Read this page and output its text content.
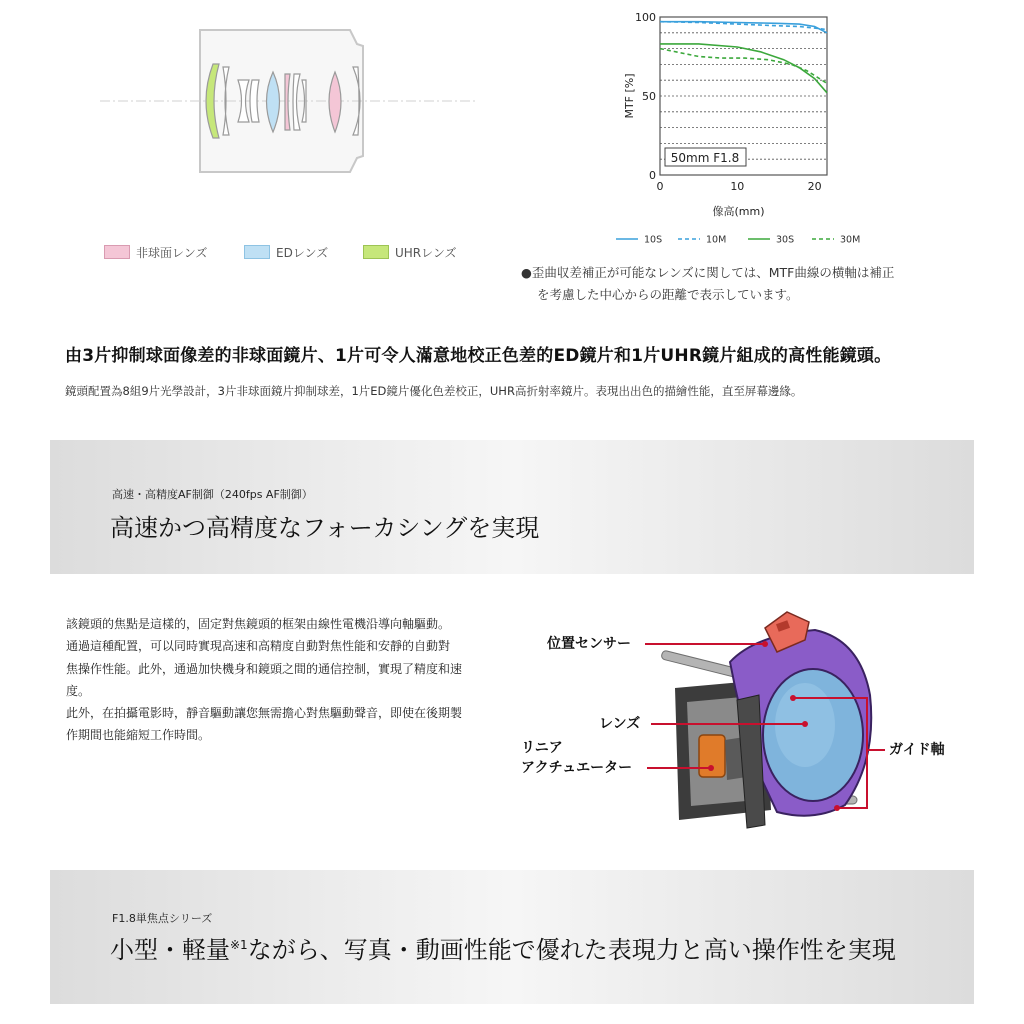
非球面レンズ	EDレンズ	UHRレンズ
0
50
100
0	10	20
MTF [%]
像高(mm)
50mm F1.8
10S	10M	30S	30M
●歪曲収差補正が可能なレンズに関しては、MTF曲線の横軸は補正
を考慮した中心からの距離で表示しています。
由3片抑制球面像差的非球面鏡片、1片可令人滿意地校正色差的ED鏡片和1片UHR鏡片組成的高性能鏡頭。
鏡頭配置為8組9片光學設計，3片非球面鏡片抑制球差，1片ED鏡片優化色差校正，UHR高折射率鏡片。表現出出色的描繪性能，直至屏幕邊緣。
高速・高精度AF制御（240fps AF制御）
高速かつ高精度なフォーカシングを実現
該鏡頭的焦點是這樣的，固定對焦鏡頭的框架由線性電機沿導向軸驅動。
通過這種配置，可以同時實現高速和高精度自動對焦性能和安靜的自動對
焦操作性能。此外，通過加快機身和鏡頭之間的通信控制，實現了精度和速
度。
此外，在拍攝電影時，靜音驅動讓您無需擔心對焦驅動聲音，即使在後期製
作期間也能縮短工作時間。
位置センサー
レンズ
リニア
アクチュエーター
ガイド軸
F1.8単焦点シリーズ
小型・軽量$^{※1}$ながら、写真・動画性能で優れた表現力と高い操作性を実現
